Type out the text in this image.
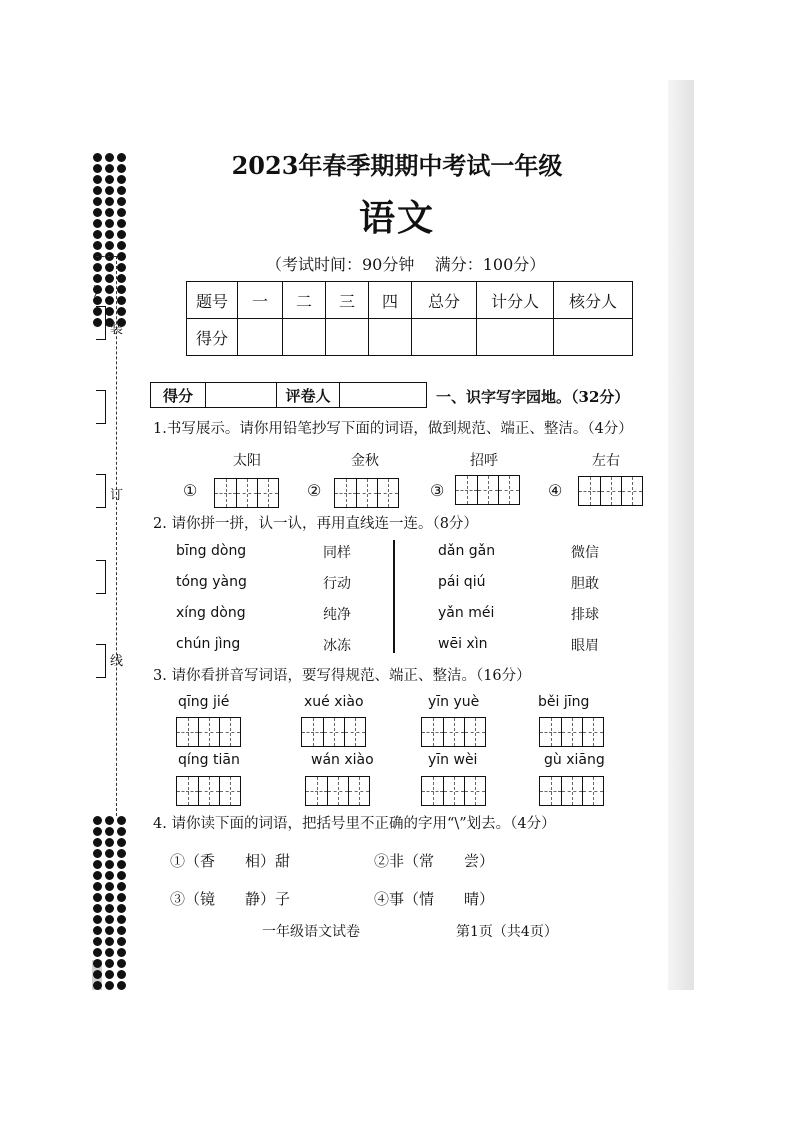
)
装
订
线
2023年春季期期中考试一年级
语文
（考试时间：90分钟    满分：100分）
题号	一	二	三	四	总分	计分人	核分人
得分							
得分		评卷人		一、识字写字园地。（32分）
1.书写展示。请你用铅笔抄写下面的词语，做到规范、端正、整洁。（4分）
太阳	金秋	招呼	左右
①	②	③	④
2. 请你拼一拼，认一认，再用直线连一连。（8分）
bīng dòng
tóng yàng
xíng dòng
chún jìng
同样
行动
纯净
冰冻
dǎn gǎn
pái qiú
yǎn méi
wēi xìn
微信
胆敢
排球
眼眉
3. 请你看拼音写词语，要写得规范、端正、整洁。（16分）
qīng jié	xué xiào	yīn yuè	běi jīng
qíng tiān	wán xiào	yīn wèi	gù xiāng
4. 请你读下面的词语，把括号里不正确的字用“\”划去。（4分）
①（香　　相）甜	②非（常　　尝）
③（镜　　静）子	④事（情　　晴）
一年级语文试卷	第1页（共4页）
